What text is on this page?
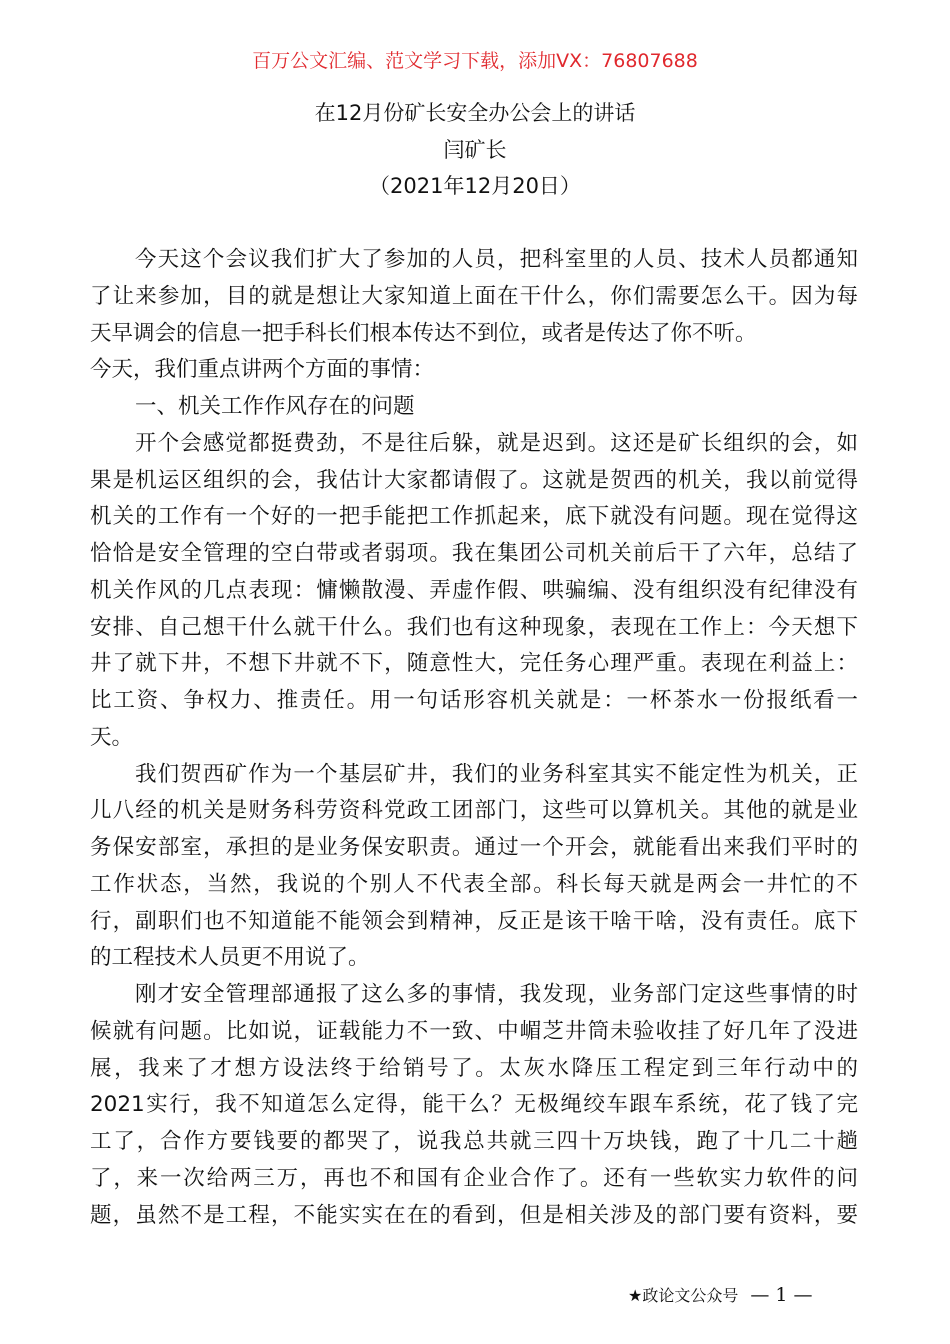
百万公文汇编、范文学习下载，添加VX：76807688
在12月份矿长安全办公会上的讲话
闫矿长
（2021年12月20日）
今天这个会议我们扩大了参加的人员，把科室里的人员、技术人员都通知
了让来参加，目的就是想让大家知道上面在干什么，你们需要怎么干。因为每
天早调会的信息一把手科长们根本传达不到位，或者是传达了你不听。
今天，我们重点讲两个方面的事情：
一、机关工作作风存在的问题
开个会感觉都挺费劲，不是往后躲，就是迟到。这还是矿长组织的会，如
果是机运区组织的会，我估计大家都请假了。这就是贺西的机关，我以前觉得
机关的工作有一个好的一把手能把工作抓起来，底下就没有问题。现在觉得这
恰恰是安全管理的空白带或者弱项。我在集团公司机关前后干了六年，总结了
机关作风的几点表现：慵懒散漫、弄虚作假、哄骗编、没有组织没有纪律没有
安排、自己想干什么就干什么。我们也有这种现象，表现在工作上：今天想下
井了就下井，不想下井就不下，随意性大，完任务心理严重。表现在利益上：
比工资、争权力、推责任。用一句话形容机关就是：一杯茶水一份报纸看一
天。
我们贺西矿作为一个基层矿井，我们的业务科室其实不能定性为机关，正
儿八经的机关是财务科劳资科党政工团部门，这些可以算机关。其他的就是业
务保安部室，承担的是业务保安职责。通过一个开会，就能看出来我们平时的
工作状态，当然，我说的个别人不代表全部。科长每天就是两会一井忙的不
行，副职们也不知道能不能领会到精神，反正是该干啥干啥，没有责任。底下
的工程技术人员更不用说了。
刚才安全管理部通报了这么多的事情，我发现，业务部门定这些事情的时
候就有问题。比如说，证载能力不一致、中嵋芝井筒未验收挂了好几年了没进
展，我来了才想方设法终于给销号了。太灰水降压工程定到三年行动中的
2021实行，我不知道怎么定得，能干么？无极绳绞车跟车系统，花了钱了完
工了，合作方要钱要的都哭了，说我总共就三四十万块钱，跑了十几二十趟
了，来一次给两三万，再也不和国有企业合作了。还有一些软实力软件的问
题，虽然不是工程，不能实实在在的看到，但是相关涉及的部门要有资料，要
★政论文公众号 — 1 —
